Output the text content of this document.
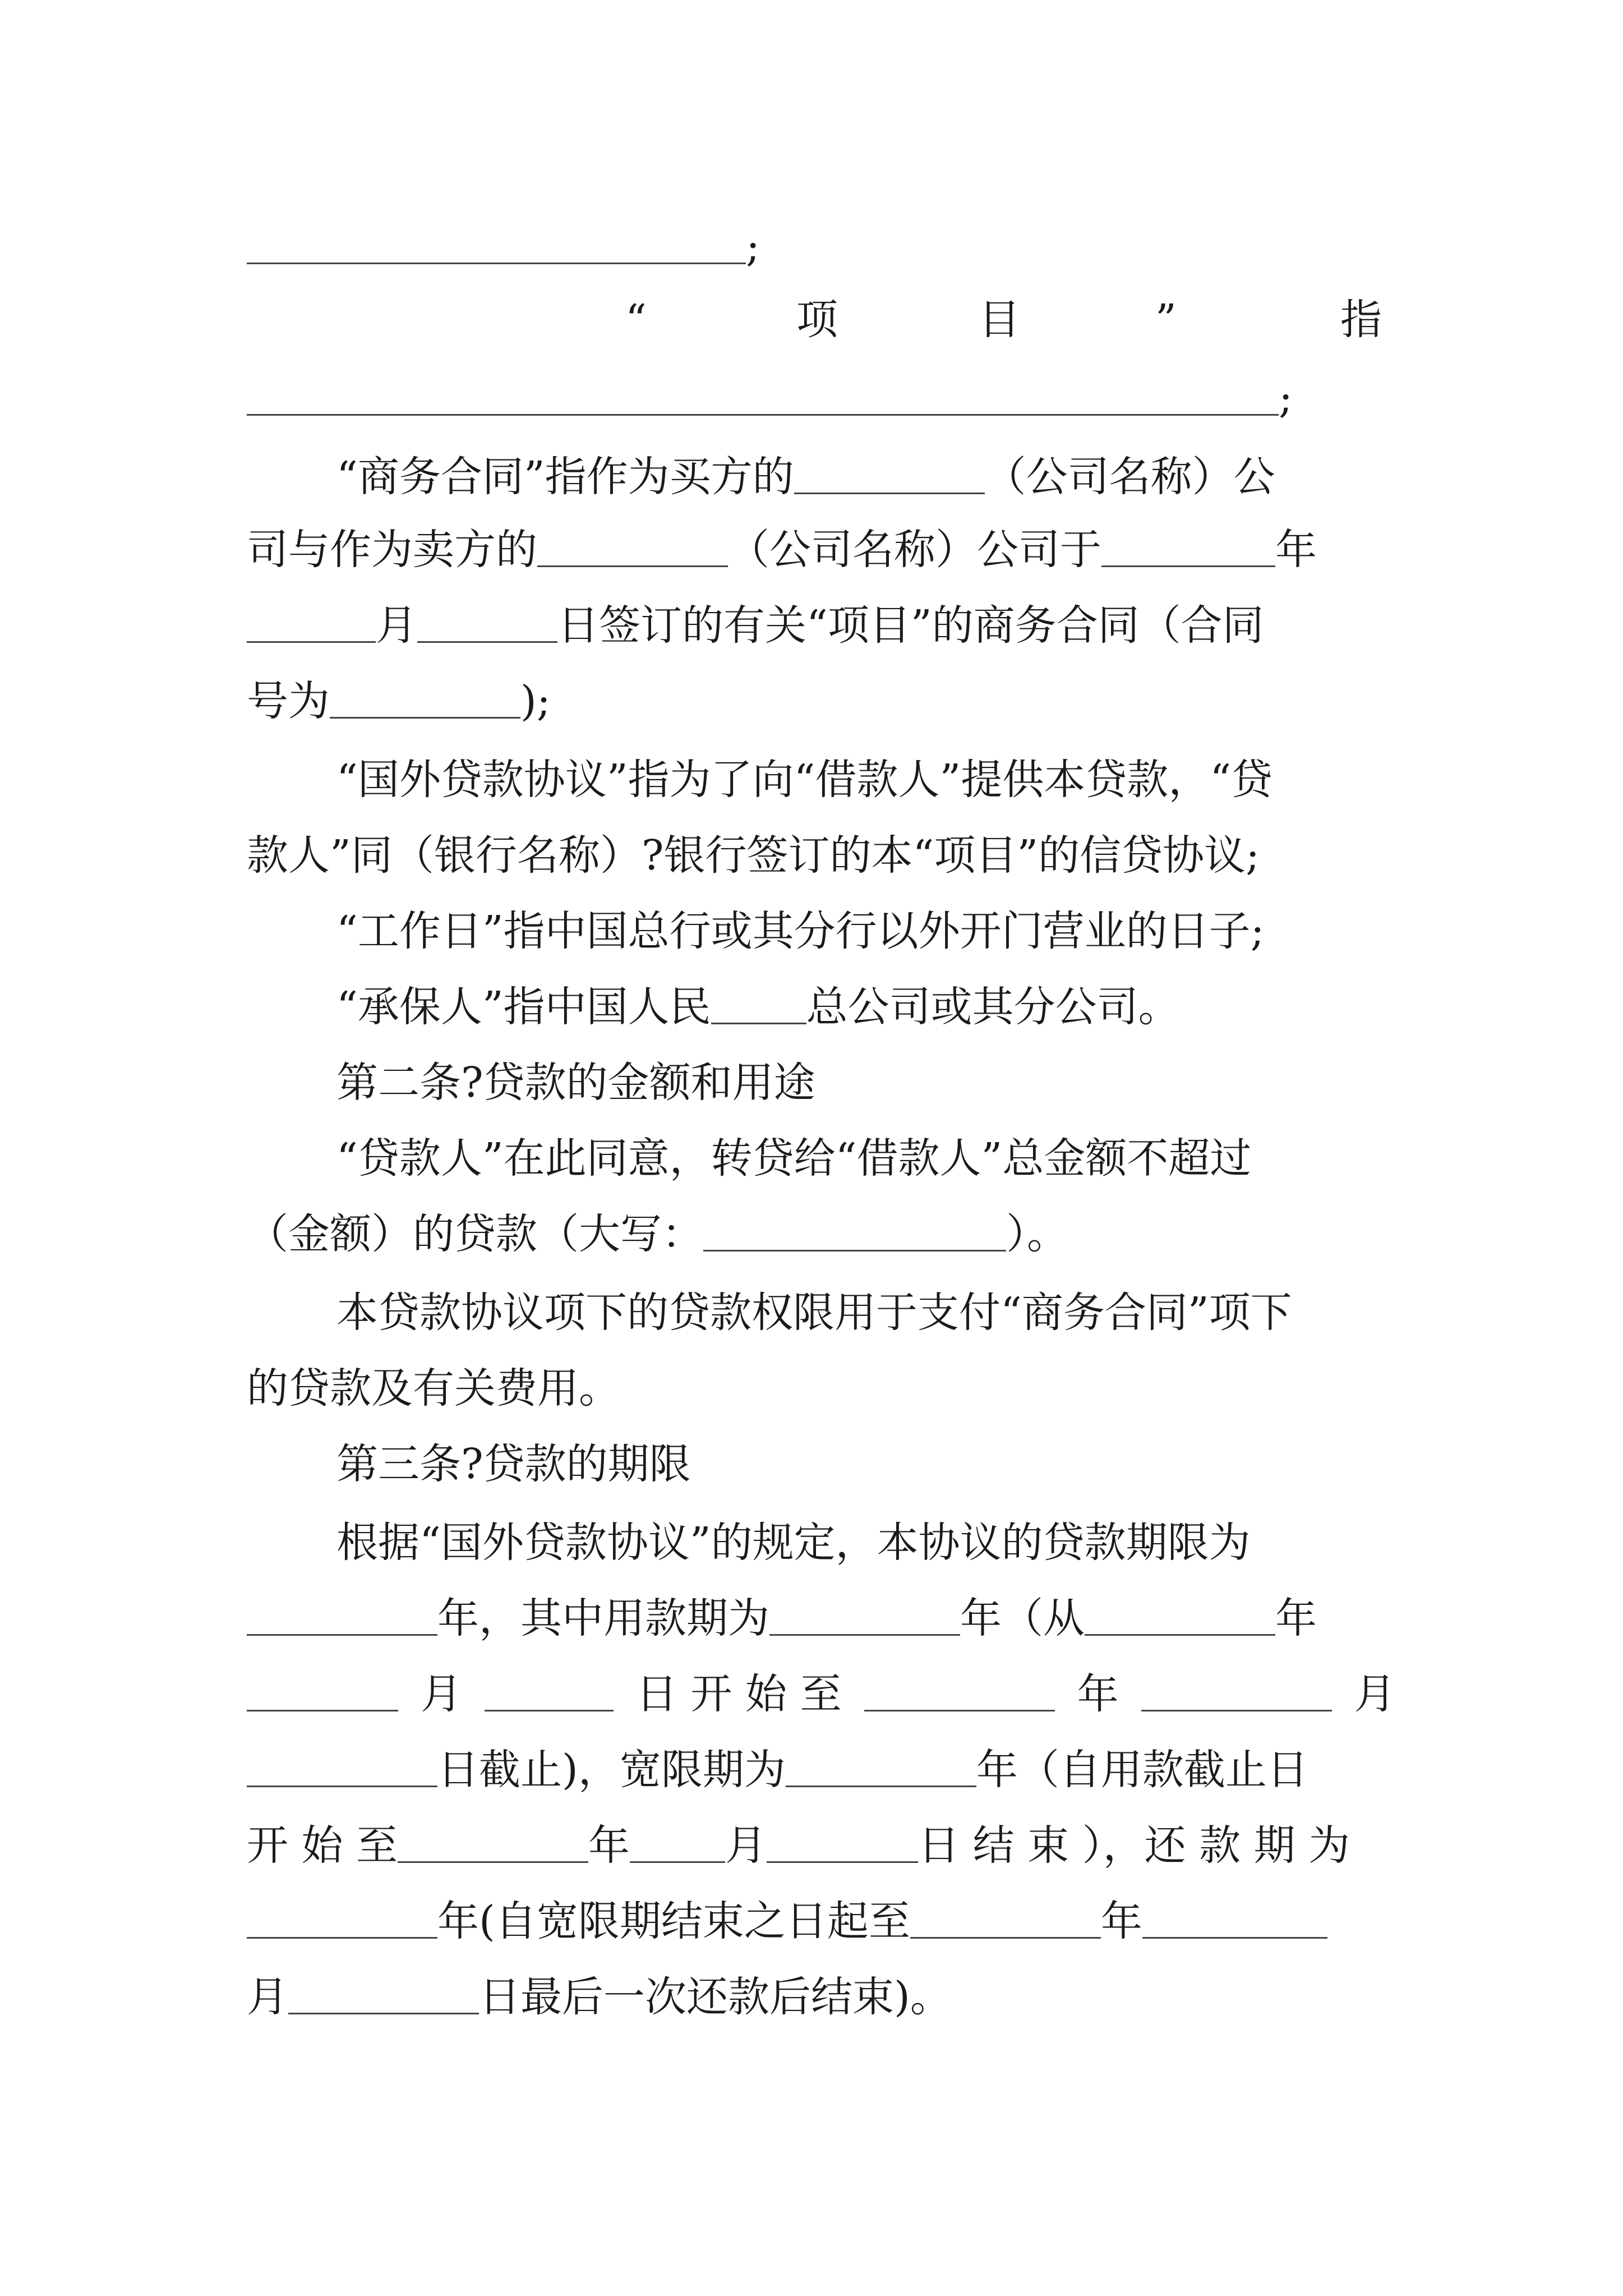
;
“	项	目	”	指
;
“商务合同”指作为买方的	（公司名称）公
司与作为卖方的	（公司名称）公司于	年
月	日签订的有关“项目”的商务合同（合同
号为	);
“国外贷款协议”指为了向“借款人”提供本贷款，“贷
款人”同（银行名称）?银行签订的本“项目”的信贷协议;
“工作日”指中国总行或其分行以外开门营业的日子;
“承保人”指中国人民 总公司或其分公司。
第二条?贷款的金额和用途
“贷款人”在此同意，转贷给“借款人”总金额不超过
（金额）的贷款（大写：	）。
本贷款协议项下的贷款权限用于支付“商务合同”项下
的贷款及有关费用。
第三条?贷款的期限
根据“国外贷款协议”的规定，本协议的贷款期限为
年，其中用款期为	年（从	年
月	日 开 始 至	年	月
日截止)，宽限期为	年（自用款截止日
开 始 至	年 月	日 结 束 ），还 款 期 为
年(自宽限期结束之日起至	年
月	日最后一次还款后结束)。
